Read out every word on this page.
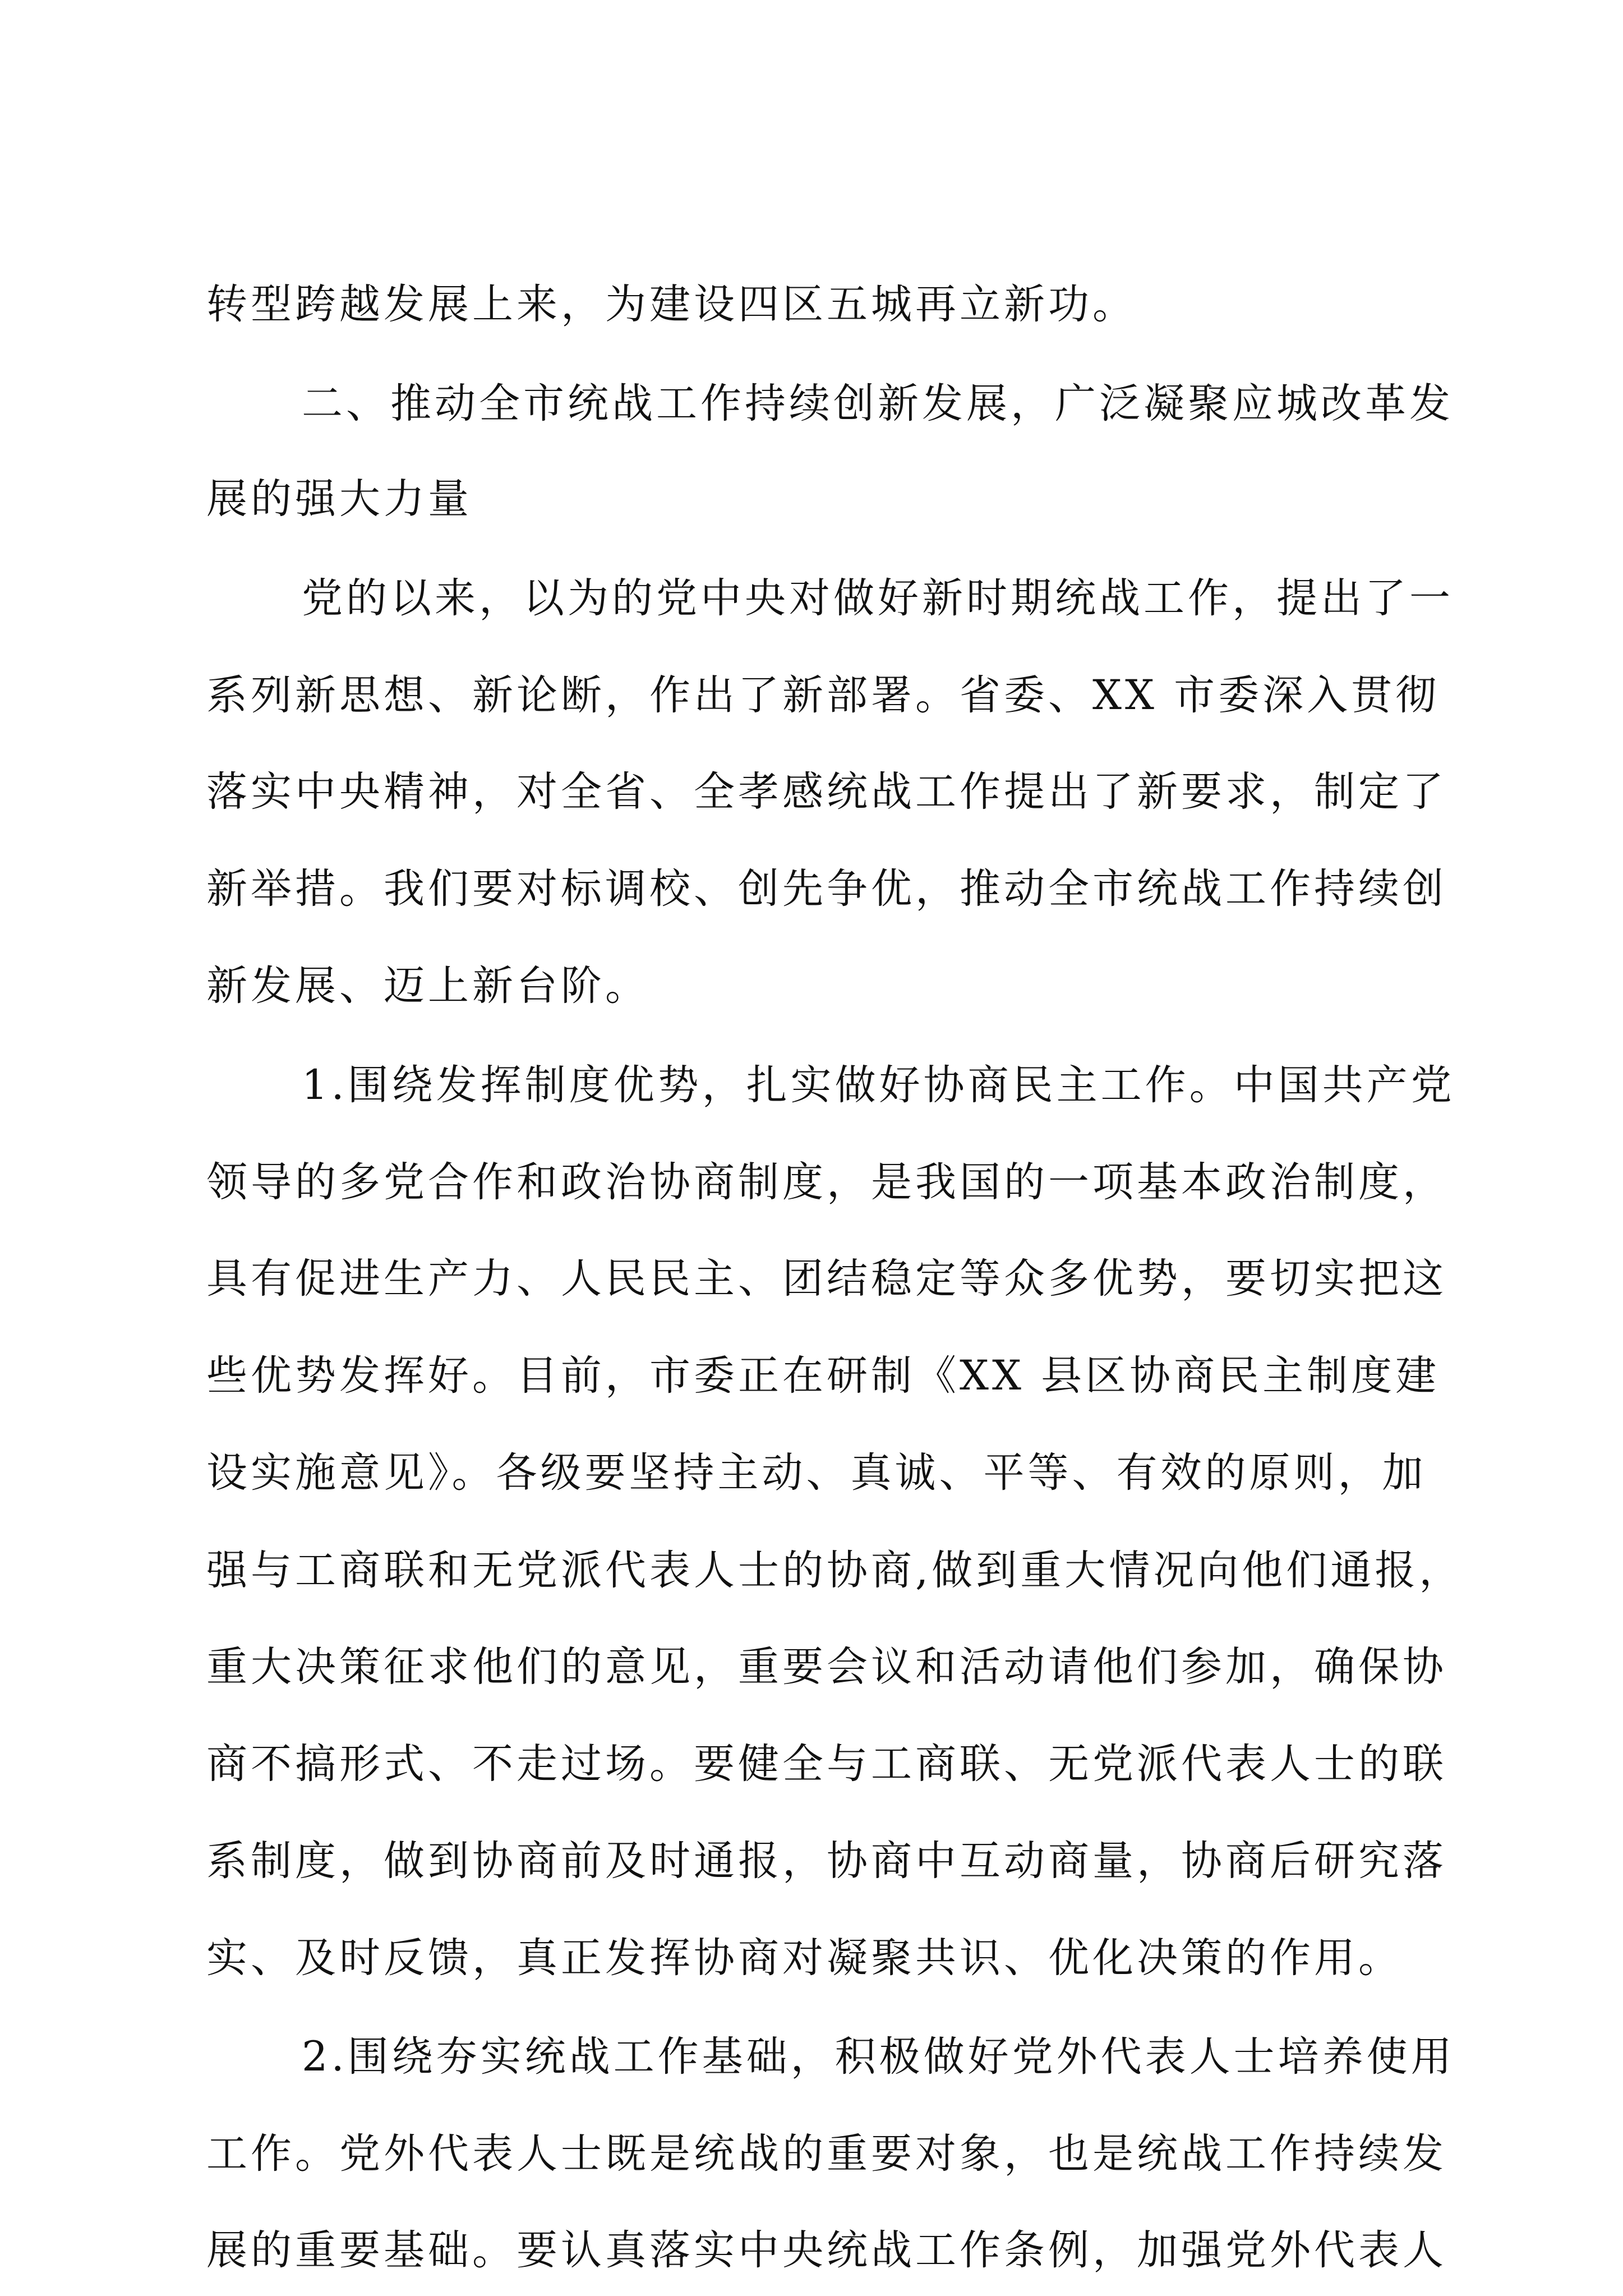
转型跨越发展上来，为建设四区五城再立新功。
二、推动全市统战工作持续创新发展，广泛凝聚应城改革发
展的强大力量
党的以来，以为的党中央对做好新时期统战工作，提出了一
系列新思想、新论断，作出了新部署。省委、XX 市委深入贯彻
落实中央精神，对全省、全孝感统战工作提出了新要求，制定了
新举措。我们要对标调校、创先争优，推动全市统战工作持续创
新发展、迈上新台阶。
1.围绕发挥制度优势，扎实做好协商民主工作。中国共产党
领导的多党合作和政治协商制度，是我国的一项基本政治制度，
具有促进生产力、人民民主、团结稳定等众多优势，要切实把这
些优势发挥好。目前，市委正在研制《XX 县区协商民主制度建
设实施意见》。各级要坚持主动、真诚、平等、有效的原则，加
强与工商联和无党派代表人士的协商,做到重大情况向他们通报，
重大决策征求他们的意见，重要会议和活动请他们参加，确保协
商不搞形式、不走过场。要健全与工商联、无党派代表人士的联
系制度，做到协商前及时通报，协商中互动商量，协商后研究落
实、及时反馈，真正发挥协商对凝聚共识、优化决策的作用。
2.围绕夯实统战工作基础，积极做好党外代表人士培养使用
工作。党外代表人士既是统战的重要对象，也是统战工作持续发
展的重要基础。要认真落实中央统战工作条例，加强党外代表人
